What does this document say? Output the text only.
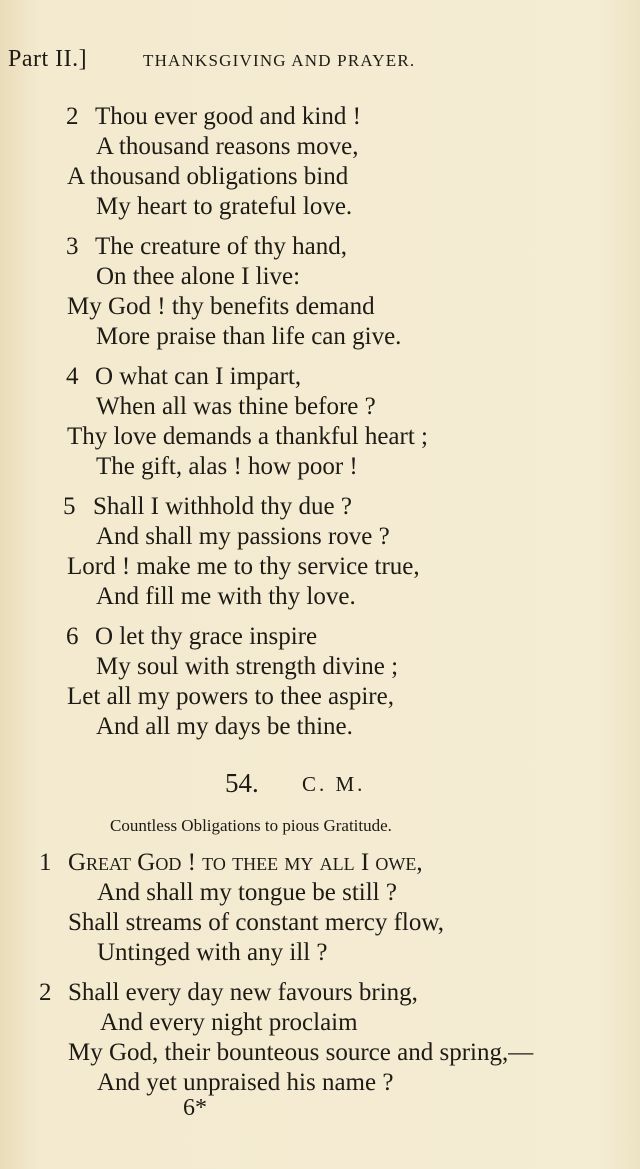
Part II.]	THANKSGIVING AND PRAYER.
2 Thou ever good and kind !
A thousand reasons move,
A thousand obligations bind
My heart to grateful love.
3 The creature of thy hand,
On thee alone I live:
My God ! thy benefits demand
More praise than life can give.
4 O what can I impart,
When all was thine before ?
Thy love demands a thankful heart ;
The gift, alas ! how poor !
5 Shall I withhold thy due ?
And shall my passions rove ?
Lord ! make me to thy service true,
And fill me with thy love.
6 O let thy grace inspire
My soul with strength divine ;
Let all my powers to thee aspire,
And all my days be thine.
54. C. M.
Countless Obligations to pious Gratitude.
1 Great God ! to thee my all I owe,
And shall my tongue be still ?
Shall streams of constant mercy flow,
Untinged with any ill ?
2 Shall every day new favours bring,
And every night proclaim
My God, their bounteous source and spring,—
And yet unpraised his name ?
6*
